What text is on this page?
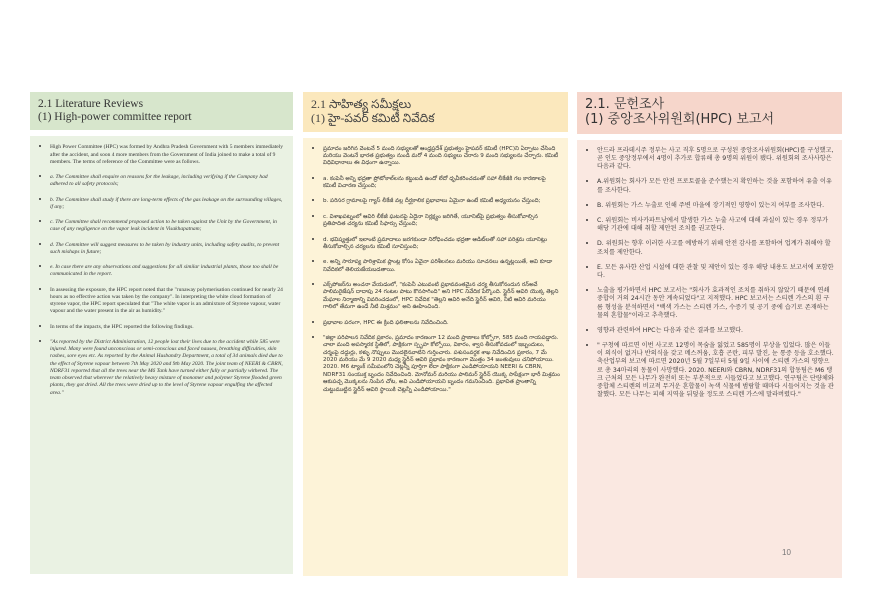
2.1 Literature Reviews
(1) High-power committee report
• High Power Committee (HPC) was formed by Andhra Pradesh Government with 5 members immediately after the accident, and soon 4 more members from the Government of India joined to make a total of 9 members. The terms of reference of the Committee were as follows.
• a. The Committee shall enquire on reasons for the leakage, including verifying if the Company had adhered to all safety protocols;
• b. The Committee shall study if there are long-term effects of the gas leakage on the surrounding villages, if any;
• c. The Committee shall recommend proposed action to be taken against the Unit by the Government, in case of any negligence on the vapor leak incident in Visakhapatnam;
• d. The Committee will suggest measures to be taken by industry units, including safety audits, to prevent such mishaps in future;
• e. In case there are any observations and suggestions for all similar industrial plants, those too shall be communicated in the report.
• In assessing the exposure, the HPC report noted that the "runaway polymerisation continued for nearly 24 hours as no effective action was taken by the company". In interpreting the white cloud formation of styrene vapor, the HPC report speculated that "The white vapor is an admixture of Styrene vapour, water vapour and the water present in the air as humidity."
• In terms of the impacts, the HPC reported the following findings.
• "As reported by the District Administration, 12 people lost their lives due to the accident while 585 were injured. Many were found unconscious or semi-conscious and faced nausea, breathing difficulties, skin rashes, sore eyes etc. As reported by the Animal Husbandry Department, a total of 34 animals died due to the effect of Styrene vapour between 7th May 2020 and 9th May 2020. The joint team of NEERI & CBRN, NDRF31 reported that all the trees near the M6 Tank have turned either fully or partially withered. The team observed that wherever the relatively heavy mixture of monomer and polymer Styrene flooded green plants, they got dried. All the trees were dried up to the level of Styrene vapour engulfing the affected area."
2.1 సాహిత్య సమీక్షలు
(1) హై-పవర్ కమిటీ నివేదిక
• ప్రమాదం జరిగిన వెంటనే 5 మంది సభ్యులతో ఆంధ్రప్రదేశ్ ప్రభుత్వం హైపవర్ కమిటీ (HPC)ని ఏర్పాటు చేసింది మరియు వెంటనే భారత ప్రభుత్వం నుండి మరో 4 మంది సభ్యులు చేరారు 9 మంది సభ్యులను చేర్చారు. కమిటీ విధివిధానాలు ఈ విధంగా ఉన్నాయి.
• a. కంపెనీ అన్ని భద్రతా ప్రోటోకాల్‌లను కట్టుబడి ఉందో లేదో ధృవీకరించడంతో సహా లీకేజీకి గల కారణాలపై కమిటీ విచారణ చేస్తుంది;
• b. పరిసర గ్రామాలపై గ్యాస్ లీకేజీ వల్ల దీర్ఘకాలిక ప్రభావాలు ఏమైనా ఉంటే కమిటీ అధ్యయనం చేస్తుంది;
• c. విశాఖపట్నంలో ఆవిరి లీకేజీ ఘటనపై ఏదైనా నిర్లక్ష్యం జరిగితే, యూనిట్‌పై ప్రభుత్వం తీసుకోవాల్సిన ప్రతిపాదిత చర్యను కమిటీ సిఫార్సు చేస్తుంది;
• d. భవిష్యత్తులో ఇలాంటి ప్రమాదాలు జరగకుండా నిరోధించడం భద్రతా ఆడిట్‌లతో సహా పరిశ్రమ యూనిట్లు తీసుకోవాల్సిన చర్యలను కమిటీ సూచిస్తుంది;
• e. అన్ని సారూప్య పారిశ్రామిక ప్లాంట్ల కోసం ఏవైనా పరిశీలనలు మరియు సూచనలు ఉన్నట్లయితే, అవి కూడా నివేదికలో తెలియజేయబడతాయి.
• ఎక్స్‌పోజర్‌ను అంచనా వేయడంలో, "కంపెనీ ఎటువంటి ప్రభావవంతమైన చర్య తీసుకోనందున రన్‌అవే పాలిమరైజేషన్ దాదాపు 24 గంటల పాటు కొనసాగింది" అని HPC నివేదిక పేర్కొంది. స్టైరీన్ ఆవిరి యొక్క తెల్లని మేఘాల నిర్మాణాన్ని వివరించడంలో, HPC నివేదిక "తెల్లని ఆవిరి అనేది స్టైరీన్ ఆవిరి, నీటి ఆవిరి మరియు గాలిలో తేమగా ఉండే నీటి మిశ్రమం" అని ఊహించింది.
• ప్రభావాల పరంగా, HPC ఈ క్రింది ఫలితాలను నివేదించింది.
• "జిల్లా పరిపాలన నివేదిక ప్రకారం, ప్రమాదం కారణంగా 12 మంది ప్రాణాలు కోల్పోగా, 585 మంది గాయపడ్డారు. చాలా మంది అపస్మారక స్థితిలో, పాక్షికంగా స్పృహ కోల్పోయి, వికారం, శ్వాస తీసుకోవడంలో ఇబ్బందులు, చర్మంపై దద్దుర్లు, కళ్ళు నొప్పులు మొదలైనవాటిని గుర్తించారు. పశుసంవర్ధక శాఖ నివేదించిన ప్రకారం, 7 మే 2020 మరియు మే 9 2020 మధ్య స్టైరీన్ ఆవిరి ప్రభావం కారణంగా మొత్తం 34 జంతువులు చనిపోయాయి. 2020. M6 ట్యాంక్ సమీపంలోని చెట్లన్నీ పూర్తిగా లేదా పాక్షికంగా ఎండిపోయాయని NEERI & CBRN, NDRF31 సంయుక్త బృందం నివేదించింది. మోనోమర్ మరియు పాలిమర్ స్టైరీన్ యొక్క సాపేక్షంగా భారీ మిశ్రమం ఆకుపచ్చ మొక్కలను నింపిన చోట, అవి ఎండిపోయాయని బృందం గమనించింది. ప్రభావిత ప్రాంతాన్ని చుట్టుముట్టిన స్టైరీన్ ఆవిరి స్థాయికి చెట్లన్నీ ఎండిపోయాయి."
2.1. 문헌조사
(1) 중앙조사위원회(HPC) 보고서
• 안드라 프라데시주 정부는 사고 직후 5명으로 구성된 중앙조사위원회(HPC)를 구성했고, 곧 인도 중앙정부에서 4명이 추가로 합류해 총 9명의 위원이 됐다. 위원회의 조사사항은 다음과 같다.
• A.위원회는 회사가 모든 안전 프로토콜을 준수했는지 확인하는 것을 포함하여 유출 이유를 조사한다.
• B. 위원회는 가스 누출로 인해 주변 마을에 장기적인 영향이 있는지 여부를 조사한다.
• C. 위원회는 비사카파트남에서 발생한 가스 누출 사고에 대해 과실이 있는 경우 정부가 해당 기관에 대해 취할 제안된 조치를 권고한다.
• D. 위원회는 향후 이러한 사고를 예방하기 위해 안전 감사를 포함하여 업계가 취해야 할 조치를 제안한다.
• E. 모든 유사한 산업 시설에 대한 관찰 및 제안이 있는 경우 해당 내용도 보고서에 포함한다.
• 노출을 평가하면서 HPC 보고서는 "회사가 효과적인 조치를 취하지 않았기 때문에 연쇄 중합이 거의 24시간 동안 계속되었다"고 지적했다. HPC 보고서는 스티렌 가스의 흰 구름 형성을 분석하면서 "백색 가스는 스티렌 가스, 수증기 및 공기 중에 습기로 존재하는 물의 혼합물"이라고 추측했다.
• 영향과 관련하여 HPC는 다음과 같은 결과를 보고했다.
• " 구청에 따르면 이번 사고로 12명이 목숨을 잃었고 585명이 부상을 입었다. 많은 이들이 의식이 없거나 반의식을 갖고 메스꺼움, 호흡 곤란, 피부 발진, 눈 통증 등을 호소했다. 축산업부의 보고에 따르면 2020년 5월 7일부터 5월 9일 사이에 스티렌 가스의 영향으로 총 34마리의 동물이 사망했다. 2020. NEERI와 CBRN, NDRF31의 합동팀은 M6 탱크 근처의 모든 나무가 완전히 또는 부분적으로 시들었다고 보고했다. 연구팀은 단량체와 중합체 스티렌의 비교적 무거운 혼합물이 녹색 식물에 범람할 때마다 시들어지는 것을 관찰했다. 모든 나무는 피해 지역을 뒤덮을 정도로 스티렌 가스에 말라버렸다."
10
